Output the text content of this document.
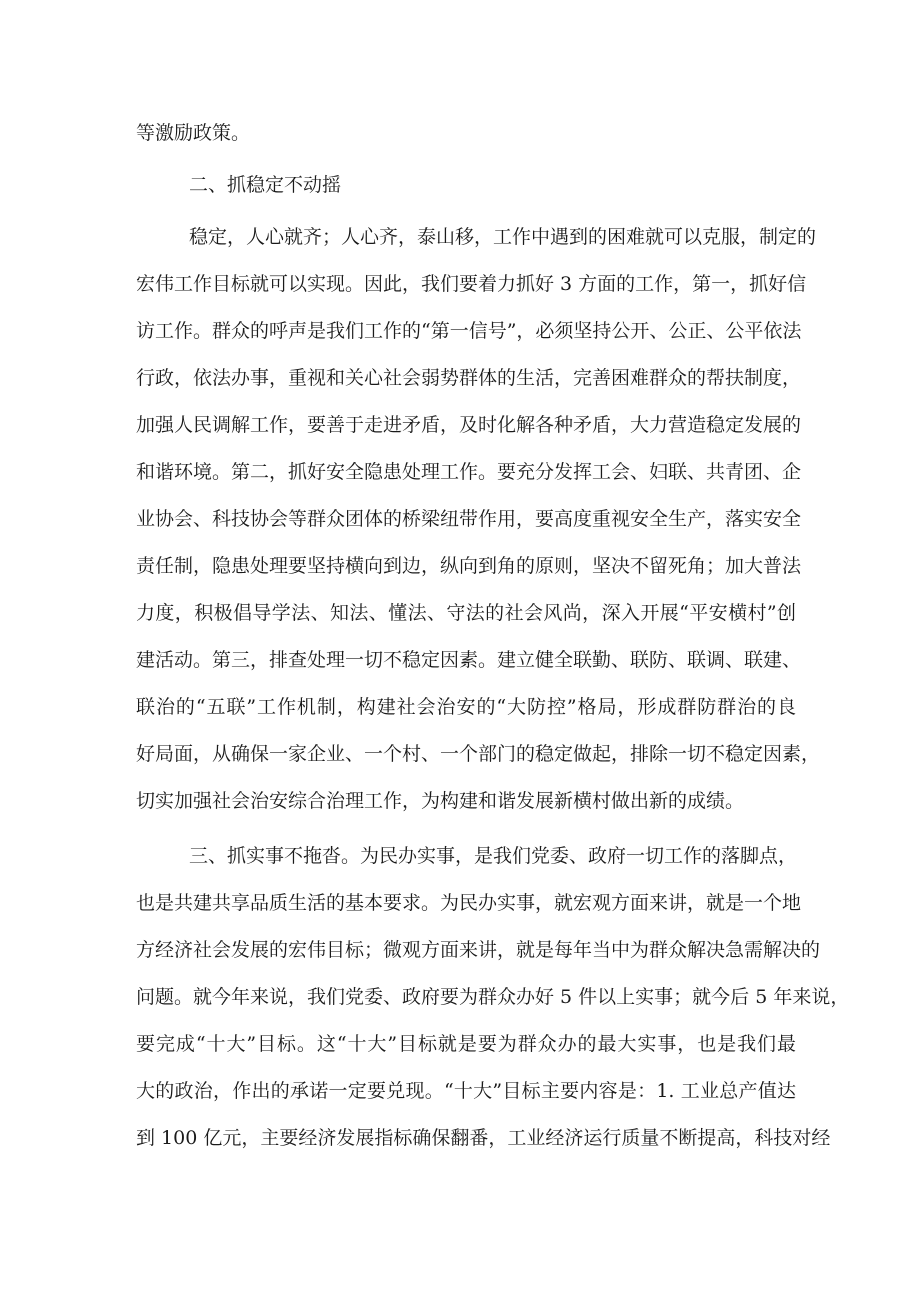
等激励政策。
二、抓稳定不动摇
稳定，人心就齐；人心齐，泰山移，工作中遇到的困难就可以克服，制定的
宏伟工作目标就可以实现。因此，我们要着力抓好 3 方面的工作，第一，抓好信
访工作。群众的呼声是我们工作的“第一信号”，必须坚持公开、公正、公平依法
行政，依法办事，重视和关心社会弱势群体的生活，完善困难群众的帮扶制度，
加强人民调解工作，要善于走进矛盾，及时化解各种矛盾，大力营造稳定发展的
和谐环境。第二，抓好安全隐患处理工作。要充分发挥工会、妇联、共青团、企
业协会、科技协会等群众团体的桥梁纽带作用，要高度重视安全生产，落实安全
责任制，隐患处理要坚持横向到边，纵向到角的原则，坚决不留死角；加大普法
力度，积极倡导学法、知法、懂法、守法的社会风尚，深入开展“平安横村”创
建活动。第三，排查处理一切不稳定因素。建立健全联勤、联防、联调、联建、
联治的“五联”工作机制，构建社会治安的“大防控”格局，形成群防群治的良
好局面，从确保一家企业、一个村、一个部门的稳定做起，排除一切不稳定因素，
切实加强社会治安综合治理工作，为构建和谐发展新横村做出新的成绩。
三、抓实事不拖沓。为民办实事，是我们党委、政府一切工作的落脚点，
也是共建共享品质生活的基本要求。为民办实事，就宏观方面来讲，就是一个地
方经济社会发展的宏伟目标；微观方面来讲，就是每年当中为群众解决急需解决的
问题。就今年来说，我们党委、政府要为群众办好 5 件以上实事；就今后 5 年来说，
要完成“十大”目标。这“十大”目标就是要为群众办的最大实事，也是我们最
大的政治，作出的承诺一定要兑现。“十大”目标主要内容是：1. 工业总产值达
到 100 亿元，主要经济发展指标确保翻番，工业经济运行质量不断提高，科技对经
